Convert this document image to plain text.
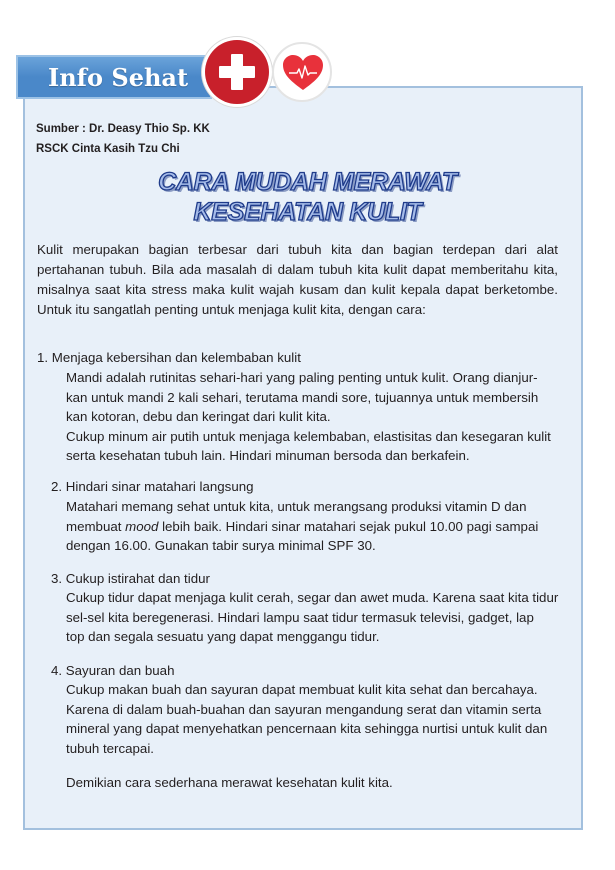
Info Sehat
Sumber : Dr. Deasy Thio Sp. KK
RSCK Cinta Kasih Tzu Chi
CARA MUDAH MERAWAT
KESEHATAN KULIT
Kulit merupakan bagian terbesar dari tubuh kita dan bagian terdepan dari alat pertahanan tubuh. Bila ada masalah di dalam tubuh kita kulit dapat memberitahu kita, misalnya saat kita stress maka kulit wajah kusam dan kulit kepala dapat berketombe. Untuk itu sangatlah penting untuk menjaga kulit kita, dengan cara:
1. Menjaga kebersihan dan kelembaban kulit
Mandi adalah rutinitas sehari-hari yang paling penting untuk kulit. Orang dianjur-
kan untuk mandi 2 kali sehari, terutama mandi sore, tujuannya untuk membersih
kan kotoran, debu dan keringat dari kulit kita.
Cukup minum air putih untuk menjaga kelembaban, elastisitas dan kesegaran kulit
serta kesehatan tubuh lain. Hindari minuman bersoda dan berkafein.
2. Hindari sinar matahari langsung
Matahari memang sehat untuk kita, untuk merangsang produksi vitamin D dan
membuat mood lebih baik. Hindari sinar matahari sejak pukul 10.00 pagi sampai
dengan 16.00. Gunakan tabir surya minimal SPF 30.
3. Cukup istirahat dan tidur
Cukup tidur dapat menjaga kulit cerah, segar dan awet muda. Karena saat kita tidur
sel-sel kita beregenerasi. Hindari lampu saat tidur termasuk televisi, gadget, lap
top dan segala sesuatu yang dapat menggangu tidur.
4. Sayuran dan buah
Cukup makan buah dan sayuran dapat membuat kulit kita sehat dan bercahaya.
Karena di dalam buah-buahan dan sayuran mengandung serat dan vitamin serta
mineral yang dapat menyehatkan pencernaan kita sehingga nurtisi untuk kulit dan
tubuh tercapai.
Demikian cara sederhana merawat kesehatan kulit kita.
